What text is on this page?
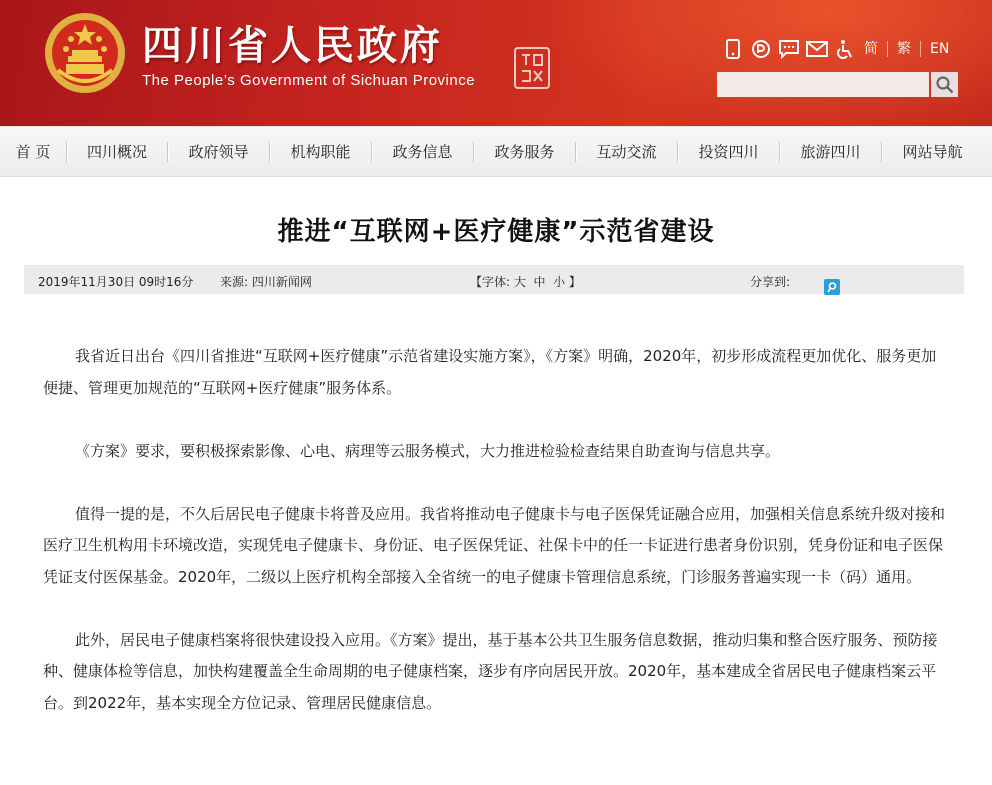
四川省人民政府
The People’s Government of Sichuan Province
简	繁	EN
首 页	四川概况	政府领导	机构职能	政务信息	政务服务	互动交流	投资四川	旅游四川	网站导航
推进“互联网+医疗健康”示范省建设
2019年11月30日 09时16分 来源: 四川新闻网	【字体: 大  中  小 】	分享到:

我省近日出台《四川省推进“互联网+医疗健康”示范省建设实施方案》，《方案》明确，2020年，初步形成流程更加优化、服务更加便捷、管理更加规范的“互联网+医疗健康”服务体系。

《方案》要求，要积极探索影像、心电、病理等云服务模式，大力推进检验检查结果自助查询与信息共享。

值得一提的是，不久后居民电子健康卡将普及应用。我省将推动电子健康卡与电子医保凭证融合应用，加强相关信息系统升级对接和医疗卫生机构用卡环境改造，实现凭电子健康卡、身份证、电子医保凭证、社保卡中的任一卡证进行患者身份识别，凭身份证和电子医保凭证支付医保基金。2020年，二级以上医疗机构全部接入全省统一的电子健康卡管理信息系统，门诊服务普遍实现一卡（码）通用。

此外，居民电子健康档案将很快建设投入应用。《方案》提出，基于基本公共卫生服务信息数据，推动归集和整合医疗服务、预防接种、健康体检等信息，加快构建覆盖全生命周期的电子健康档案，逐步有序向居民开放。2020年，基本建成全省居民电子健康档案云平台。到2022年，基本实现全方位记录、管理居民健康信息。
